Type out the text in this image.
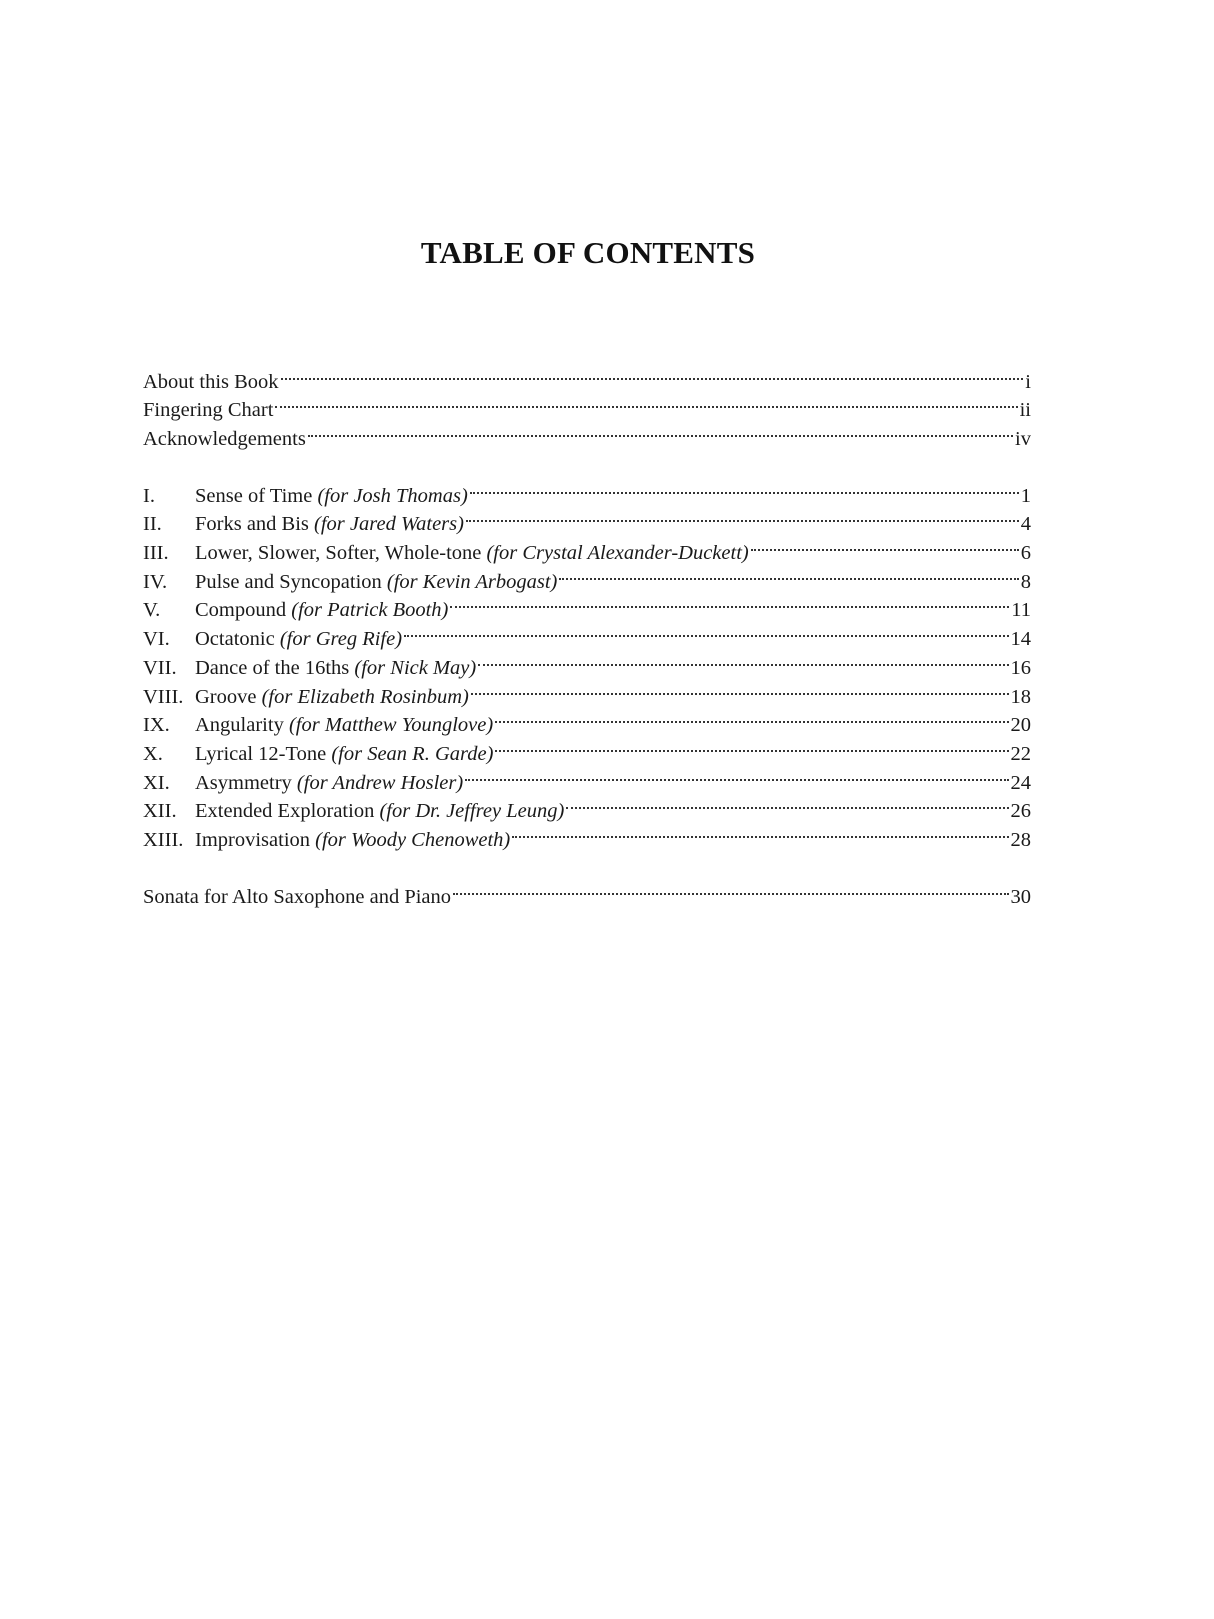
TABLE OF CONTENTS
About this Book	i
Fingering Chart	ii
Acknowledgements	iv
I.	Sense of Time (for Josh Thomas)	1
II.	Forks and Bis (for Jared Waters)	4
III.	Lower, Slower, Softer, Whole-tone (for Crystal Alexander-Duckett)	6
IV.	Pulse and Syncopation (for Kevin Arbogast)	8
V.	Compound (for Patrick Booth)	11
VI.	Octatonic (for Greg Rife)	14
VII. Dance of the 16ths (for Nick May)	16
VIII. Groove (for Elizabeth Rosinbum)	18
IX.	Angularity (for Matthew Younglove)	20
X.	Lyrical 12-Tone (for Sean R. Garde)	22
XI.	Asymmetry (for Andrew Hosler)	24
XII. Extended Exploration (for Dr. Jeffrey Leung)	26
XIII. Improvisation (for Woody Chenoweth)	28
Sonata for Alto Saxophone and Piano	30
